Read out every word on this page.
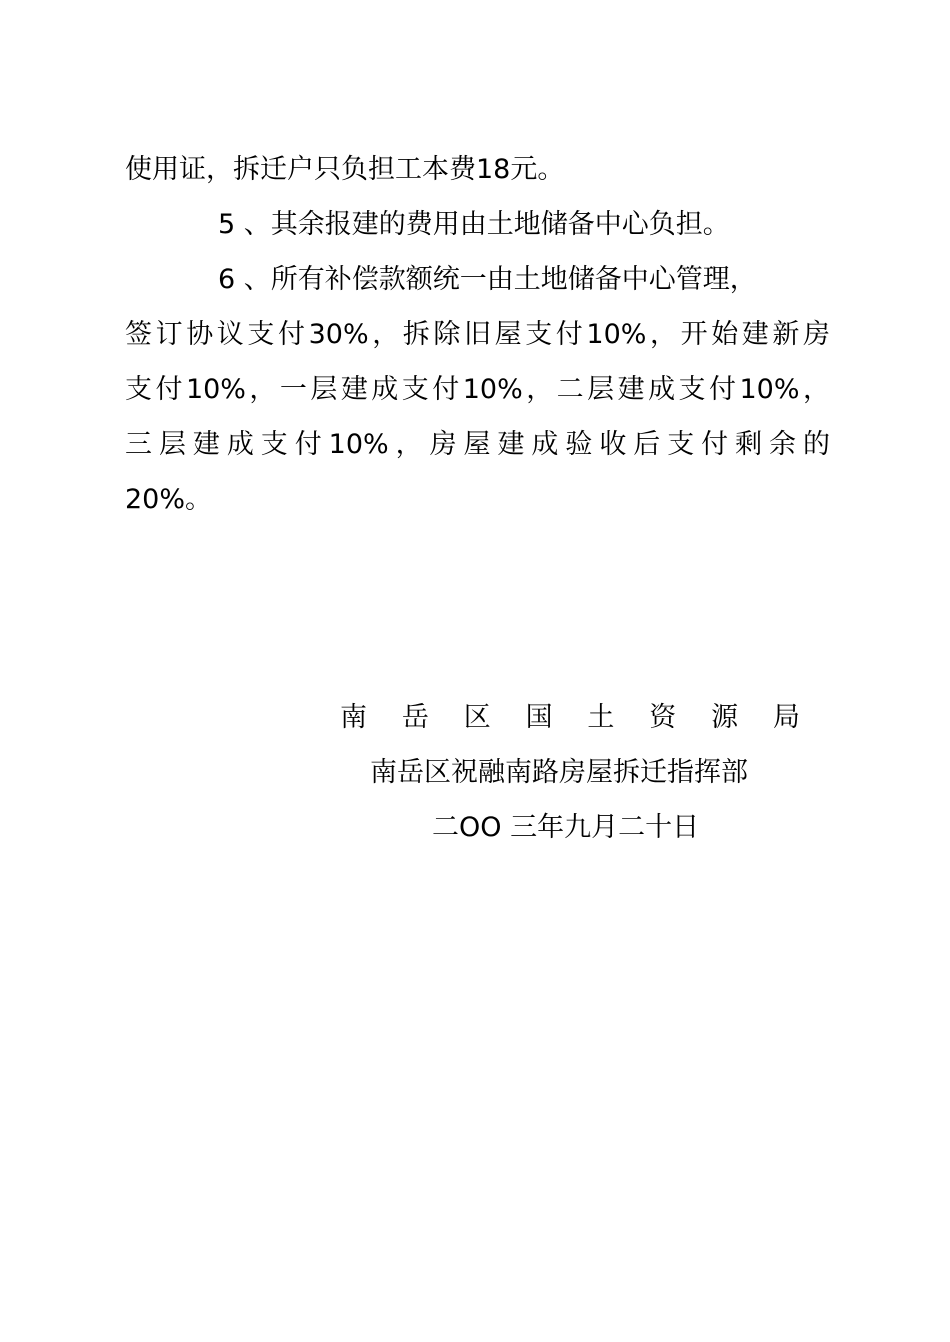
使用证，拆迁户只负担工本费18元。
5 、其余报建的费用由土地储备中心负担。
6 、所有补偿款额统一由土地储备中心管理，
签订协议支付30%，拆除旧屋支付10%，开始建新房
支付10%，一层建成支付10%，二层建成支付10%，
三层建成支付10%，房屋建成验收后支付剩余的
20%。
南 岳 区 国 土 资 源 局
南岳区祝融南路房屋拆迁指挥部
二OO 三年九月二十日
